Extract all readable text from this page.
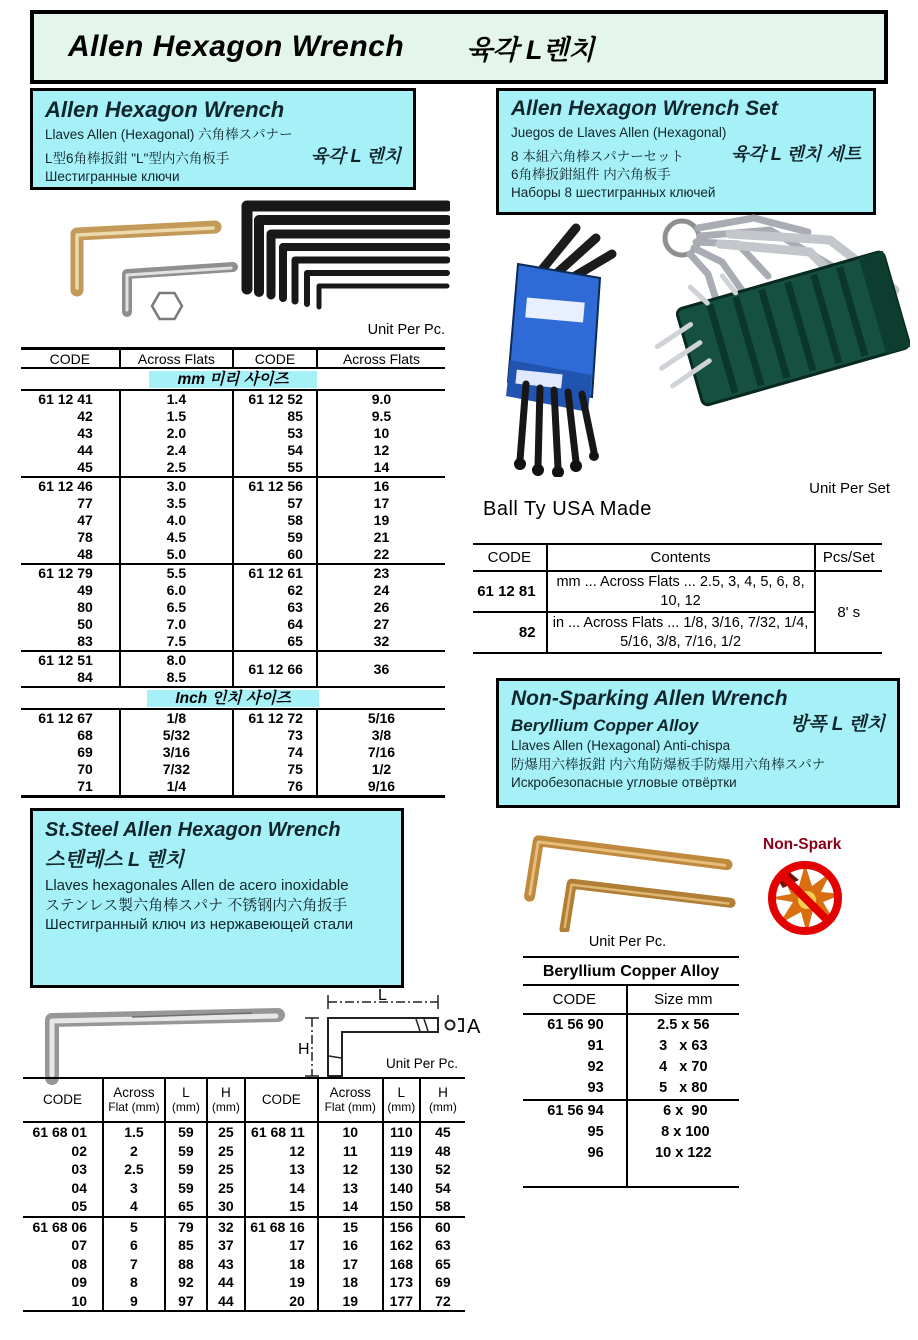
Allen Hexagon Wrench 육각 L렌치
Allen Hexagon Wrench
Llaves Allen (Hexagonal) 六角棒スパナー
L型6角棒扳鉗 "L"型内六角板手	육각 L 렌치
Шестигранные ключи
Allen Hexagon Wrench Set
Juegos de Llaves Allen (Hexagonal)
8 本組六角棒スパナーセット	육각 L 렌치 세트
6角棒扳鉗組件 内六角板手
Наборы 8 шестигранных ключей
Unit Per Pc.
CODE	Across Flats	CODE	Across Flats
mm 미리 사이즈			
61 12 41	1.4	61 12 52	9.0
42	1.5	85	9.5
43	2.0	53	10
44	2.4	54	12
45	2.5	55	14
61 12 46	3.0	61 12 56	16
77	3.5	57	17
47	4.0	58	19
78	4.5	59	21
48	5.0	60	22
61 12 79	5.5	61 12 61	23
49	6.0	62	24
80	6.5	63	26
50	7.0	64	27
83	7.5	65	32
61 12 51	8.0	61 12 66	36
84	8.5		
Inch 인치 사이즈			
61 12 67	1/8	61 12 72	5/16
68	5/32	73	3/8
69	3/16	74	7/16
70	7/32	75	1/2
71	1/4	76	9/16
Unit Per Set
Ball Ty USA Made
CODE	Contents	Pcs/Set
61 12 81	mm ... Across Flats ... 2.5, 3, 4, 5, 6, 8, 10, 12	8' s
82	in ... Across Flats ... 1/8, 3/16, 7/32, 1/4, 5/16, 3/8, 7/16, 1/2	
Non-Sparking Allen Wrench
Beryllium Copper Alloy	방폭 L 렌치
Llaves Allen (Hexagonal) Anti-chispa
防爆用六棒扳鉗 内六角防爆板手防爆用六角棒スパナ
Искробезопасные угловые отвёртки
Non-Spark
Unit Per Pc.
Beryllium Copper Alloy	
CODE	Size mm
61 56 90	2.5 x 56
91	3   x 63
92	4   x 70
93	5   x 80
61 56 94	6 x  90
95	8 x 100
96	10 x 122

St.Steel Allen Hexagon Wrench
스텐레스 L 렌치
Llaves hexagonales Allen de acero inoxidable
ステンレス製六角棒スパナ 不锈钢内六角扳手
Шестигранный ключ из нержавеющей стали
A
L
H
Unit Per Pc.
CODE	Across
Flat (mm)

L
(mm)

H
(mm)	CODE	Across
Flat (mm)

L
(mm)

H
(mm)

61 68 01	1.5	59	25	61 68 11	10	110	45
02	2	59	25	12	11	119	48
03	2.5	59	25	13	12	130	52
04	3	59	25	14	13	140	54
05	4	65	30	15	14	150	58
61 68 06	5	79	32	61 68 16	15	156	60
07	6	85	37	17	16	162	63
08	7	88	43	18	17	168	65
09	8	92	44	19	18	173	69
10	9	97	44	20	19	177	72
